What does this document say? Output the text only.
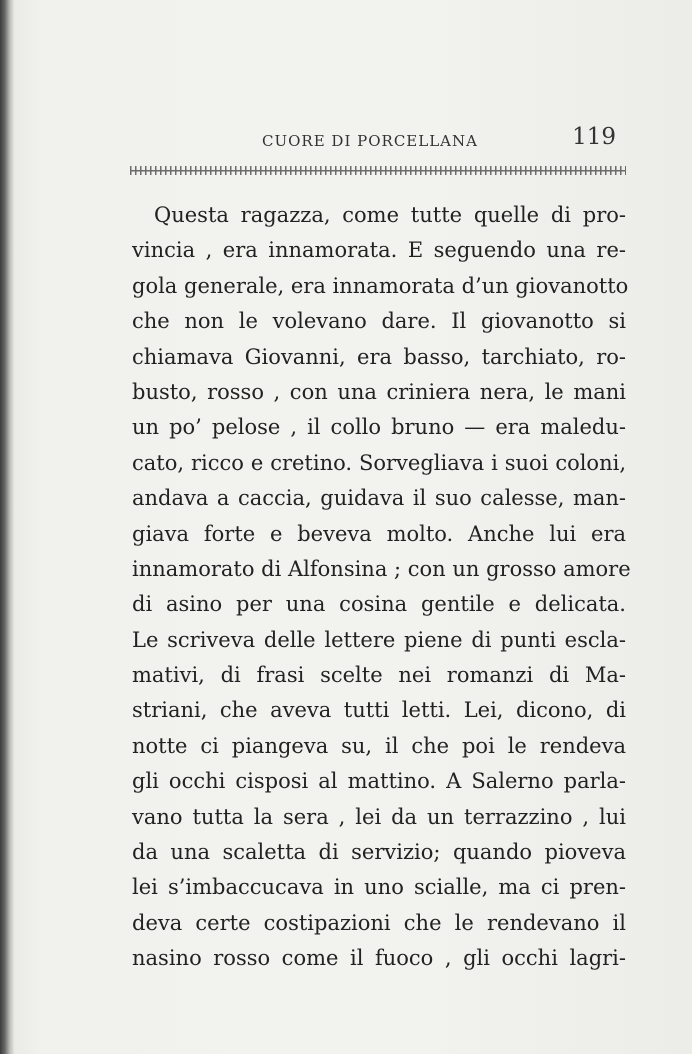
CUORE DI PORCELLANA	119
Questa ragazza, come tutte quelle di pro-
vincia , era innamorata. E seguendo una re-
gola generale, era innamorata d’un giovanotto
che non le volevano dare. Il giovanotto si
chiamava Giovanni, era basso, tarchiato, ro-
busto, rosso , con una criniera nera, le mani
un po’ pelose , il collo bruno — era maledu-
cato, ricco e cretino. Sorvegliava i suoi coloni,
andava a caccia, guidava il suo calesse, man-
giava forte e beveva molto. Anche lui era
innamorato di Alfonsina ; con un grosso amore
di asino per una cosina gentile e delicata.
Le scriveva delle lettere piene di punti escla-
mativi, di frasi scelte nei romanzi di Ma-
striani, che aveva tutti letti. Lei, dicono, di
notte ci piangeva su, il che poi le rendeva
gli occhi cisposi al mattino. A Salerno parla-
vano tutta la sera , lei da un terrazzino , lui
da una scaletta di servizio; quando pioveva
lei s’imbaccucava in uno scialle, ma ci pren-
deva certe costipazioni che le rendevano il
nasino rosso come il fuoco , gli occhi lagri-
